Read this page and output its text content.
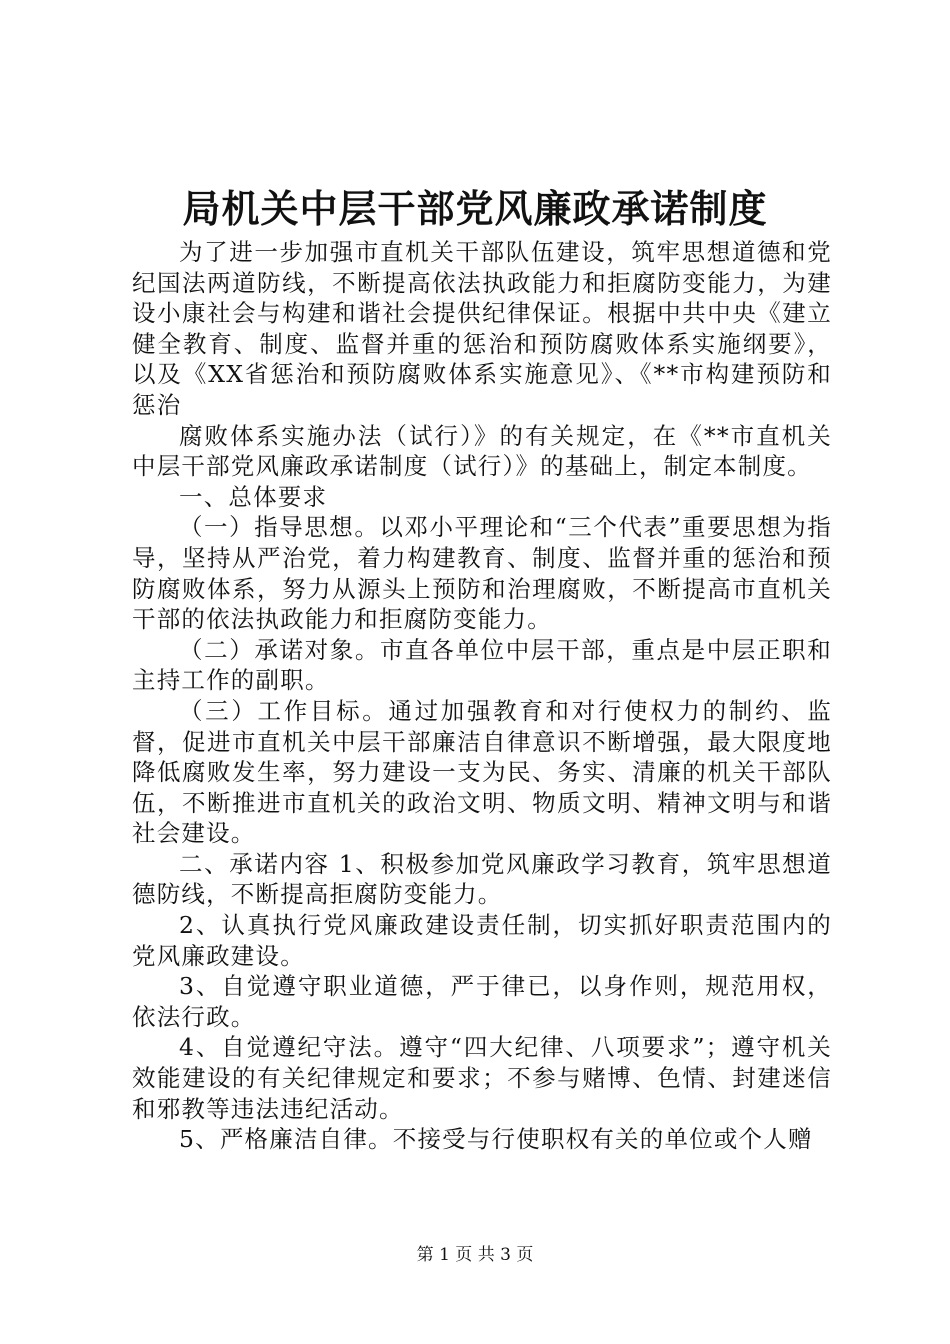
局机关中层干部党风廉政承诺制度

为了进一步加强市直机关干部队伍建设，筑牢思想道德和党纪国法两道防线，不断提高依法执政能力和拒腐防变能力，为建设小康社会与构建和谐社会提供纪律保证。根据中共中央《建立健全教育、制度、监督并重的惩治和预防腐败体系实施纲要》，以及《XX省惩治和预防腐败体系实施意见》、《**市构建预防和惩治

腐败体系实施办法（试行）》的有关规定，在《**市直机关中层干部党风廉政承诺制度（试行）》的基础上，制定本制度。

一、总体要求

（一）指导思想。以邓小平理论和“三个代表”重要思想为指导，坚持从严治党，着力构建教育、制度、监督并重的惩治和预防腐败体系，努力从源头上预防和治理腐败，不断提高市直机关干部的依法执政能力和拒腐防变能力。

（二）承诺对象。市直各单位中层干部，重点是中层正职和主持工作的副职。

（三）工作目标。通过加强教育和对行使权力的制约、监督，促进市直机关中层干部廉洁自律意识不断增强，最大限度地降低腐败发生率，努力建设一支为民、务实、清廉的机关干部队伍，不断推进市直机关的政治文明、物质文明、精神文明与和谐社会建设。

二、承诺内容 1、积极参加党风廉政学习教育，筑牢思想道德防线，不断提高拒腐防变能力。

2、认真执行党风廉政建设责任制，切实抓好职责范围内的党风廉政建设。

3、自觉遵守职业道德，严于律已，以身作则，规范用权，依法行政。

4、自觉遵纪守法。遵守“四大纪律、八项要求”；遵守机关效能建设的有关纪律规定和要求；不参与赌博、色情、封建迷信和邪教等违法违纪活动。

5、严格廉洁自律。不接受与行使职权有关的单位或个人赠

第 1 页 共 3 页
